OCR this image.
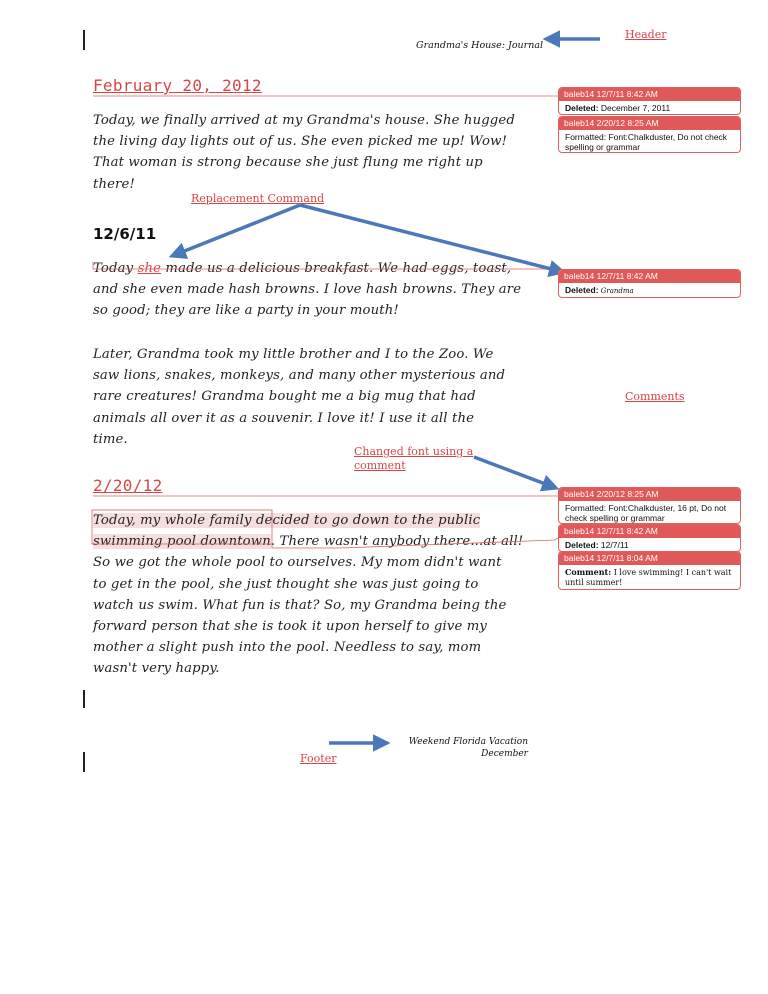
Grandma's House: Journal
Header
Replacement Command
Comments
Changed font using a
comment
Footer
February 20, 2012
Today, we finally arrived at my Grandma's house. She hugged
the living day lights out of us. She even picked me up! Wow!
That woman is strong because she just flung me right up
there!
12/6/11
Today she made us a delicious breakfast. We had eggs, toast,
and she even made hash browns. I love hash browns. They are
so good; they are like a party in your mouth!
Later, Grandma took my little brother and I to the Zoo. We
saw lions, snakes, monkeys, and many other mysterious and
rare creatures! Grandma bought me a big mug that had
animals all over it as a souvenir. I love it! I use it all the
time.
2/20/12
Today, my whole family decided to go down to the public
swimming pool downtown. There wasn't anybody there...at all!
So we got the whole pool to ourselves. My mom didn't want
to get in the pool, she just thought she was just going to
watch us swim. What fun is that? So, my Grandma being the
forward person that she is took it upon herself to give my
mother a slight push into the pool. Needless to say, mom
wasn't very happy.
Weekend Florida Vacation
December
baleb14 12/7/11 8:42 AM
Deleted: December 7, 2011
baleb14 2/20/12 8:25 AM
Formatted: Font:Chalkduster, Do not check spelling or grammar
baleb14 12/7/11 8:42 AM
Deleted: Grandma
baleb14 2/20/12 8:25 AM
Formatted: Font:Chalkduster, 16 pt, Do not check spelling or grammar
baleb14 12/7/11 8:42 AM
Deleted: 12/7/11
baleb14 12/7/11 8:04 AM
Comment: I love swimming! I can't wait until summer!
